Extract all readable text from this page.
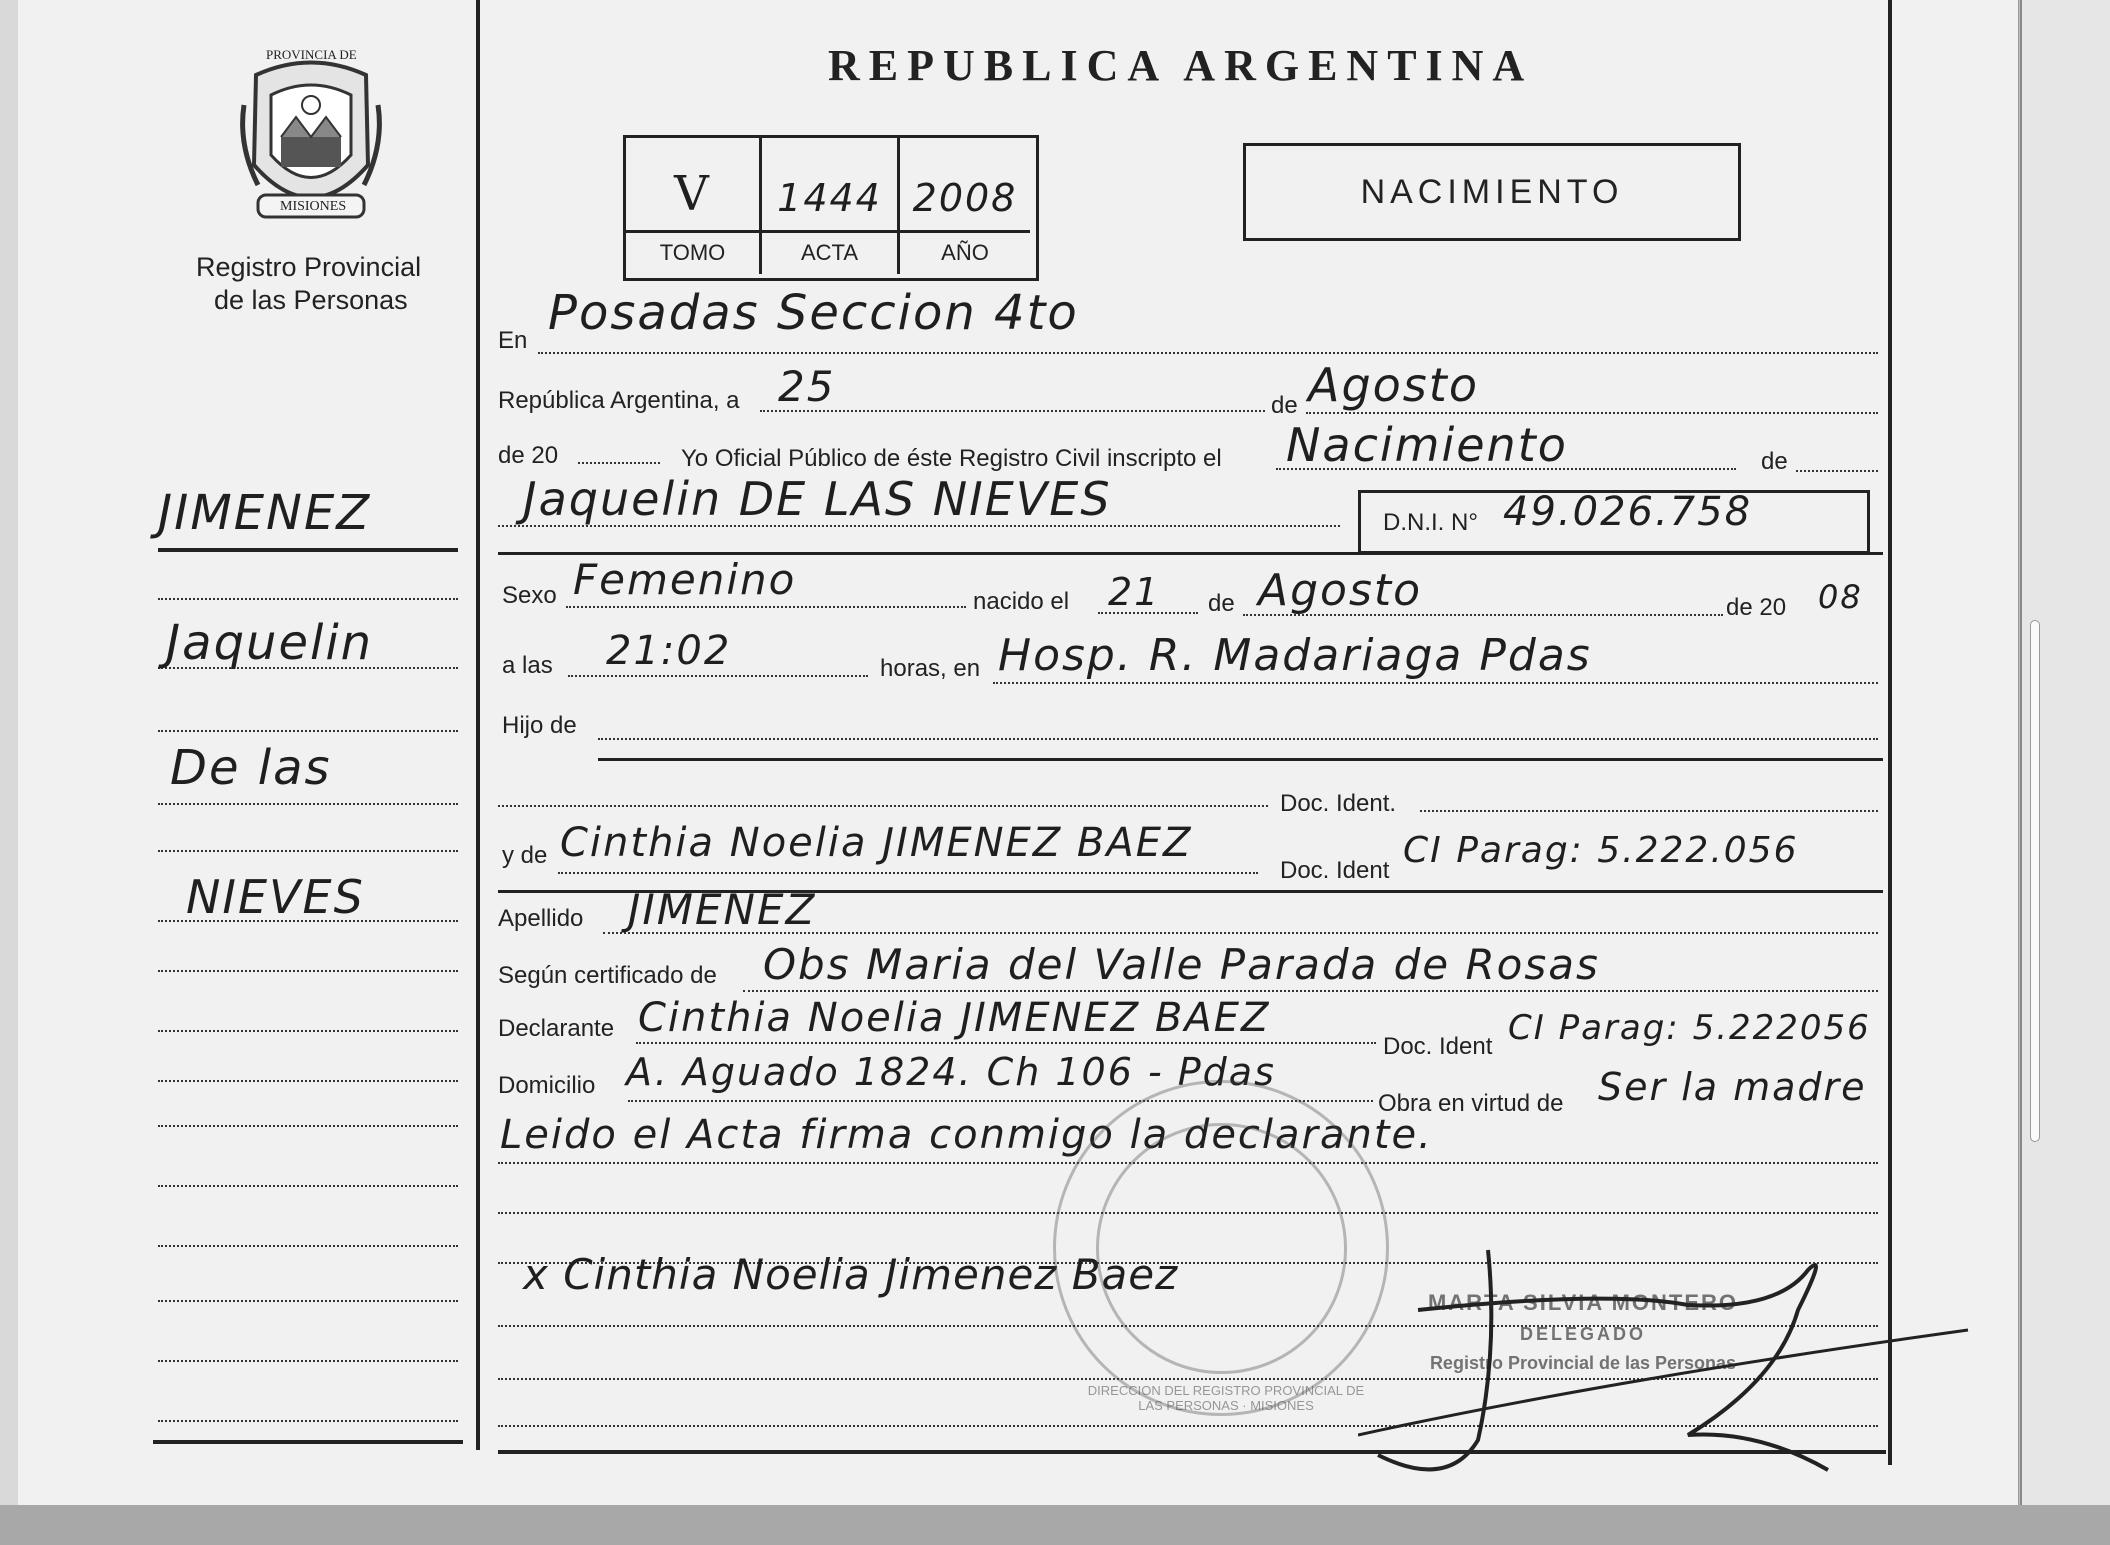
PROVINCIA DE
MISIONES
Registro Provincial
de las Personas
JIMENEZ
Jaquelin
De las
NIEVES
REPUBLICA ARGENTINA
V	1444 2008
TOMO	ACTA	AÑO
NACIMIENTO
En Posadas Seccion 4to
República Argentina, a 25	de Agosto
de 20	Yo Oficial Público de éste Registro Civil inscripto el Nacimiento	de
Jaquelin DE LAS NIEVES	D.N.I. N° 49.026.758
Sexo Femenino	nacido el 21 de Agosto	de 20 08
a las 21:02	horas, en Hosp. R. Madariaga Pdas
Hijo de
Doc. Ident.
y de Cinthia Noelia JIMENEZ BAEZ
Doc. Ident CI Parag: 5.222.056
Apellido JIMENEZ
Según certificado de Obs Maria del Valle Parada de Rosas
Declarante Cinthia Noelia JIMENEZ BAEZ
Doc. Ident CI Parag: 5.222056
Domicilio A. Aguado 1824. Ch 106 - Pdas
Obra en virtud de Ser la madre
Leido el Acta firma conmigo la declarante.
x Cinthia Noelia Jimenez Baez
DIRECCION DEL REGISTRO PROVINCIAL DE LAS PERSONAS · MISIONES
MARTA SILVIA MONTERO
DELEGADO
Registro Provincial de las Personas
